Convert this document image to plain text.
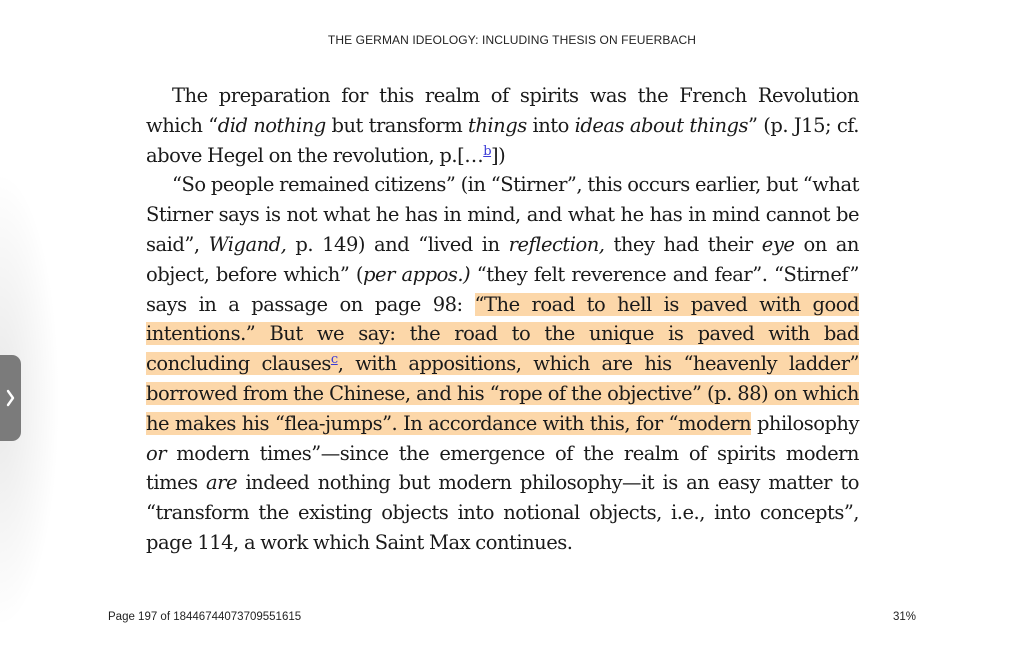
THE GERMAN IDEOLOGY: INCLUDING THESIS ON FEUERBACH

The preparation for this realm of spirits was the French Revolution which “did nothing but transform things into ideas about things” (p. J15; cf. above Hegel on the revolution, p.[…$^b$])

“So people remained citizens” (in “Stirner”, this occurs earlier, but “what Stirner says is not what he has in mind, and what he has in mind cannot be said”, Wigand, p. 149) and “lived in reflection, they had their eye on an object, before which” (per appos.) “they felt reverence and fear”. “Stirnef” says in a passage on page 98: “The road to hell is paved with good intentions.” But we say: the road to the unique is paved with bad concluding clauses$^c$, with appositions, which are his “heavenly ladder” borrowed from the Chinese, and his “rope of the objective” (p. 88) on which he makes his “flea-jumps”. In accordance with this, for “modern philosophy or modern times”—since the emergence of the realm of spirits modern times are indeed nothing but modern philosophy—it is an easy matter to “transform the existing objects into notional objects, i.e., into concepts”, page 114, a work which Saint Max continues.

Page 197 of 18446744073709551615	31%
